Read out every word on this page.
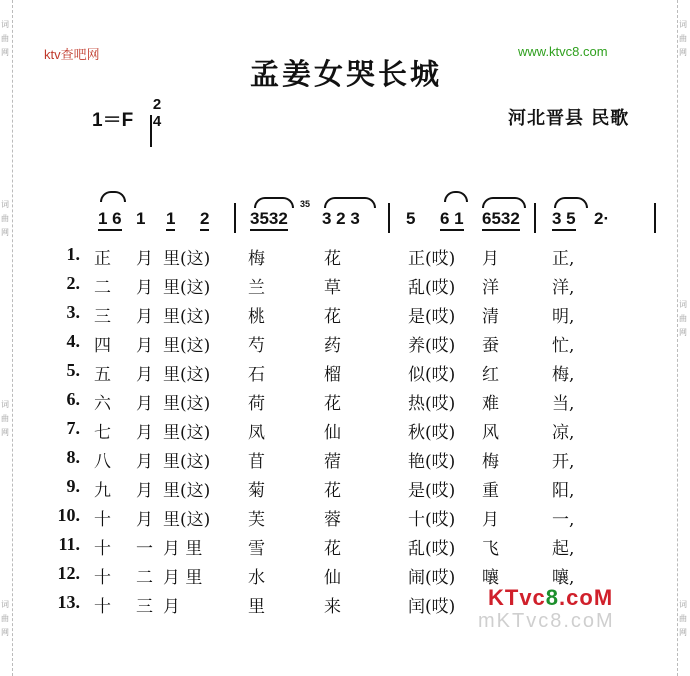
词
曲
网
词
曲
网
词
曲
网
词
曲
网
词
曲
网
词
曲
网
词
曲
网
ktv查吧网	www.ktvc8.com
孟姜女哭长城
1＝F
2
4	河北晋县 民歌
1 6 1 1 2 3532
35
3 2 3	5 6 1 6532 3 5 2·
1. 正 月 里(这) 梅	花	正(哎) 月	正,
2. 二 月 里(这) 兰	草	乱(哎) 洋	洋,
3. 三 月 里(这) 桃	花	是(哎) 清	明,
4. 四 月 里(这) 芍	药	养(哎) 蚕	忙,
5. 五 月 里(这) 石	榴	似(哎) 红	梅,
6. 六 月 里(这) 荷	花	热(哎) 难	当,
7. 七 月 里(这) 凤	仙	秋(哎) 风	凉,
8. 八 月 里(这) 苜	蓿	艳(哎) 梅	开,
9. 九 月 里(这) 菊	花	是(哎) 重	阳,
10. 十 月 里(这) 芙	蓉	十(哎) 月	一,
11. 十 一 月 里	雪	花	乱(哎) 飞	起,
12. 十 二 月 里	水	仙	闹(哎) 嚷	嚷,
13. 十 三 月	里	来	闰(哎)
mKTvc8.coM
KTvc8.coM
